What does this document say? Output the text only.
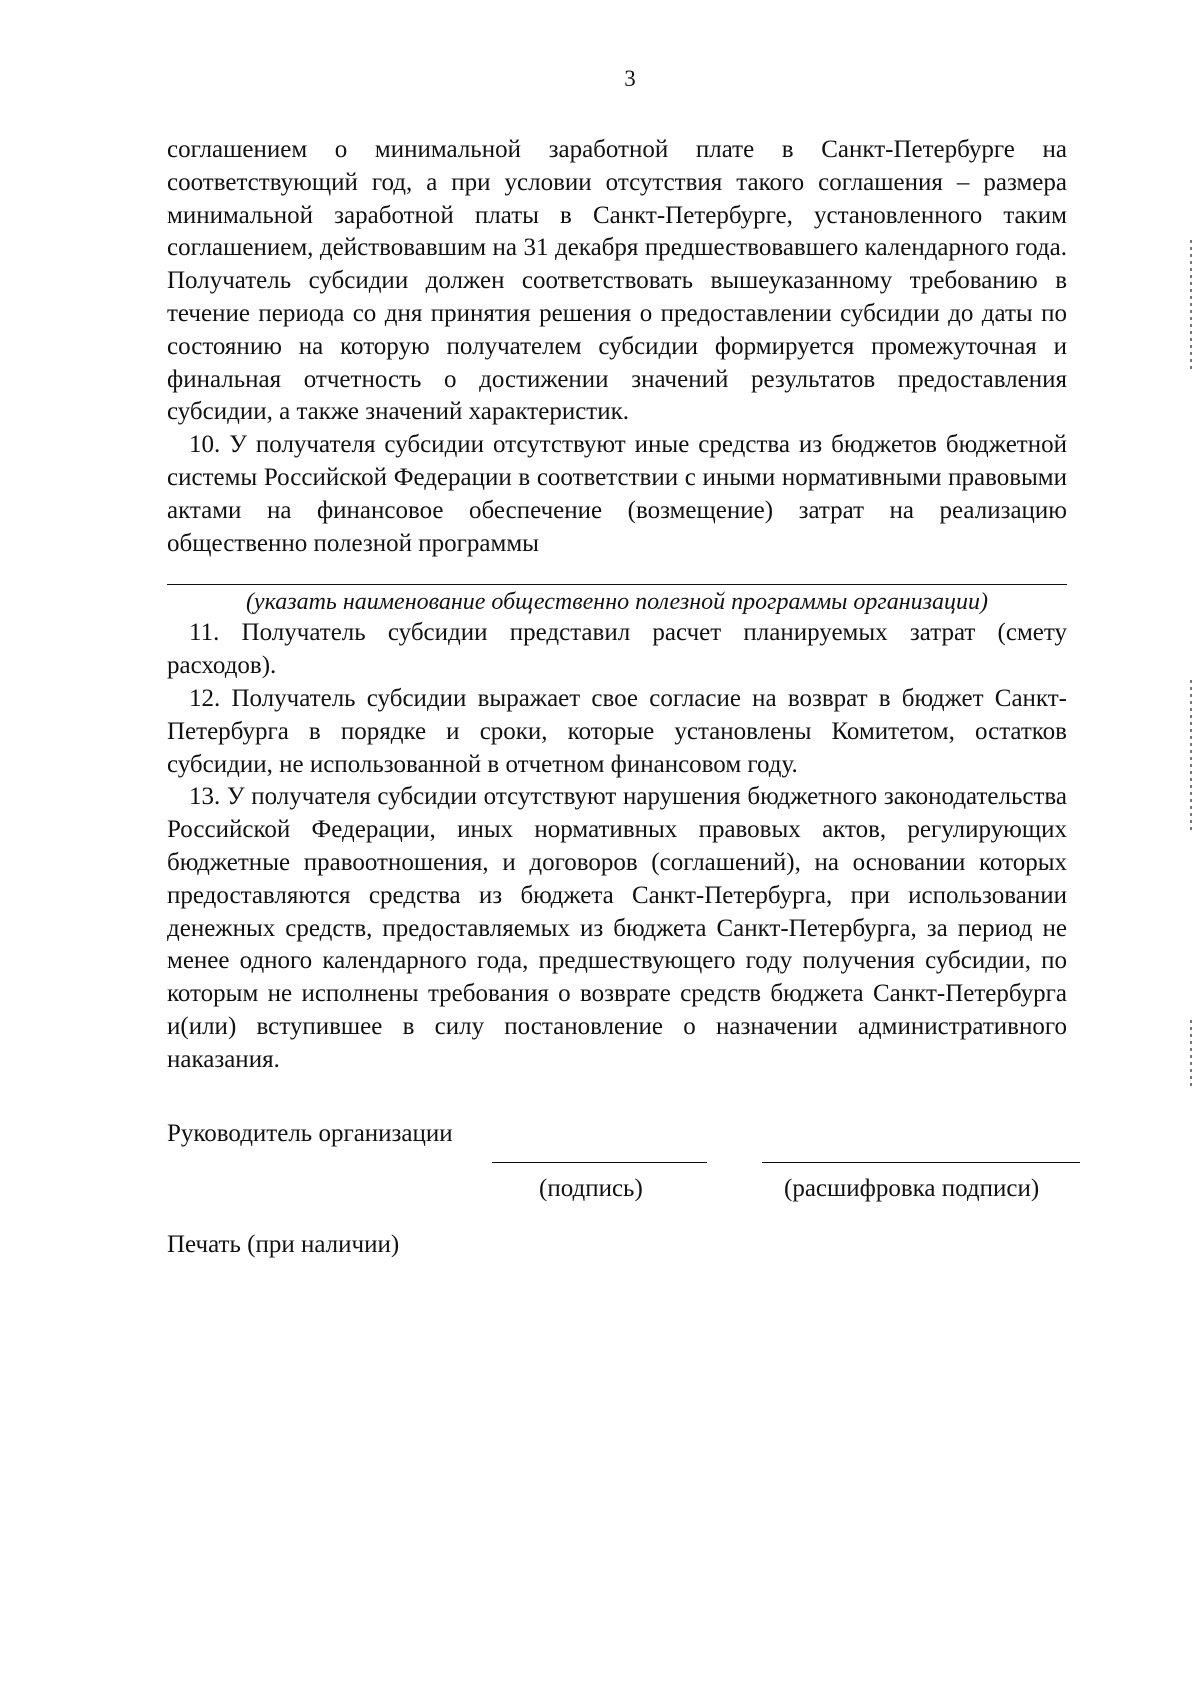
3

соглашением о минимальной заработной плате в Санкт-Петербурге на соответствующий год, а при условии отсутствия такого соглашения – размера минимальной заработной платы в Санкт-Петербурге, установленного таким соглашением, действовавшим на 31 декабря предшествовавшего календарного года. Получатель субсидии должен соответствовать вышеуказанному требованию в течение периода со дня принятия решения о предоставлении субсидии до даты по состоянию на которую получателем субсидии формируется промежуточная и финальная отчетность о достижении значений результатов предоставления субсидии, а также значений характеристик.

10. У получателя субсидии отсутствуют иные средства из бюджетов бюджетной системы Российской Федерации в соответствии с иными нормативными правовыми актами на финансовое обеспечение (возмещение) затрат на реализацию общественно полезной программы

(указать наименование общественно полезной программы организации)

11. Получатель субсидии представил расчет планируемых затрат (смету расходов).

12. Получатель субсидии выражает свое согласие на возврат в бюджет Санкт-Петербурга в порядке и сроки, которые установлены Комитетом, остатков субсидии, не использованной в отчетном финансовом году.

13. У получателя субсидии отсутствуют нарушения бюджетного законодательства Российской Федерации, иных нормативных правовых актов, регулирующих бюджетные правоотношения, и договоров (соглашений), на основании которых предоставляются средства из бюджета Санкт-Петербурга, при использовании денежных средств, предоставляемых из бюджета Санкт-Петербурга, за период не менее одного календарного года, предшествующего году получения субсидии, по которым не исполнены требования о возврате средств бюджета Санкт-Петербурга и(или) вступившее в силу постановление о назначении административного наказания.

Руководитель организации
(подпись)	(расшифровка подписи)
Печать (при наличии)
